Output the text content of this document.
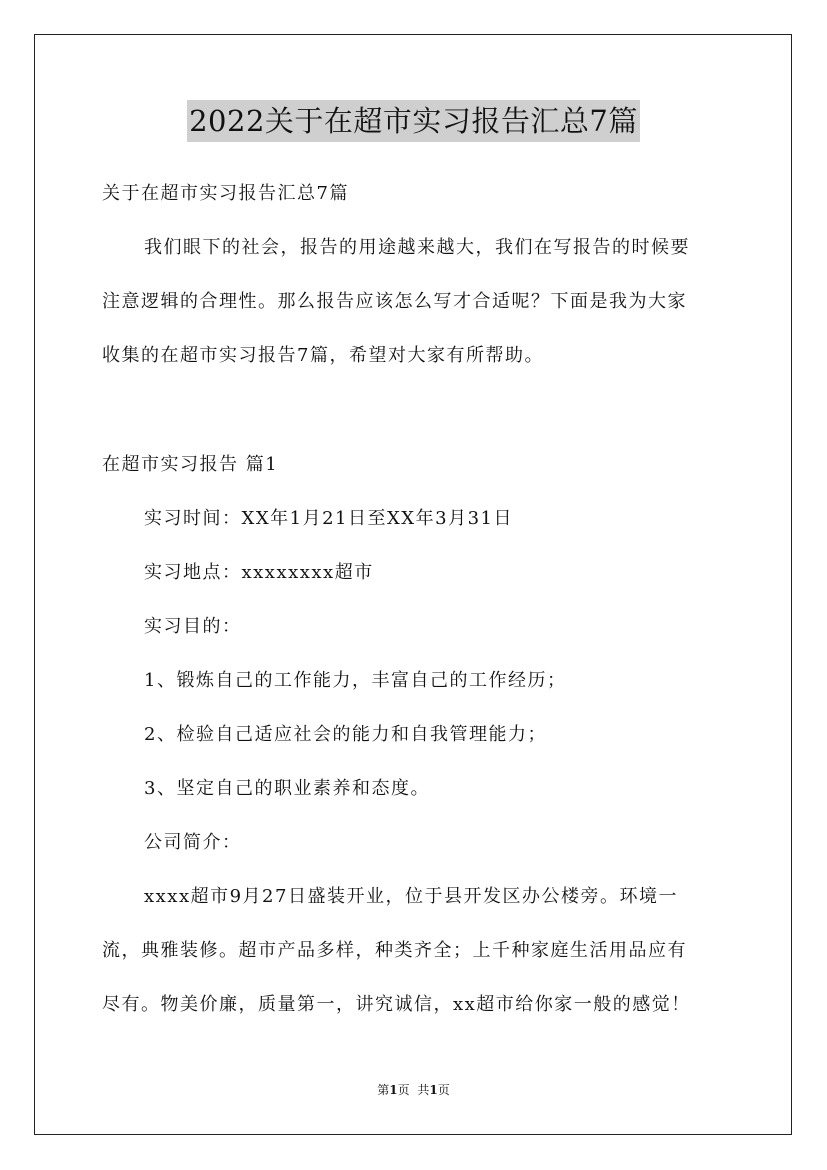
2022关于在超市实习报告汇总7篇
关于在超市实习报告汇总7篇
我们眼下的社会，报告的用途越来越大，我们在写报告的时候要
注意逻辑的合理性。那么报告应该怎么写才合适呢？下面是我为大家
收集的在超市实习报告7篇，希望对大家有所帮助。
在超市实习报告 篇1
实习时间：XX年1月21日至XX年3月31日
实习地点：xxxxxxxx超市
实习目的：
1、锻炼自己的工作能力，丰富自己的工作经历；
2、检验自己适应社会的能力和自我管理能力；
3、坚定自己的职业素养和态度。
公司简介：
xxxx超市9月27日盛装开业，位于县开发区办公楼旁。环境一
流，典雅装修。超市产品多样，种类齐全；上千种家庭生活用品应有
尽有。物美价廉，质量第一，讲究诚信，xx超市给你家一般的感觉！
第1页 共1页
